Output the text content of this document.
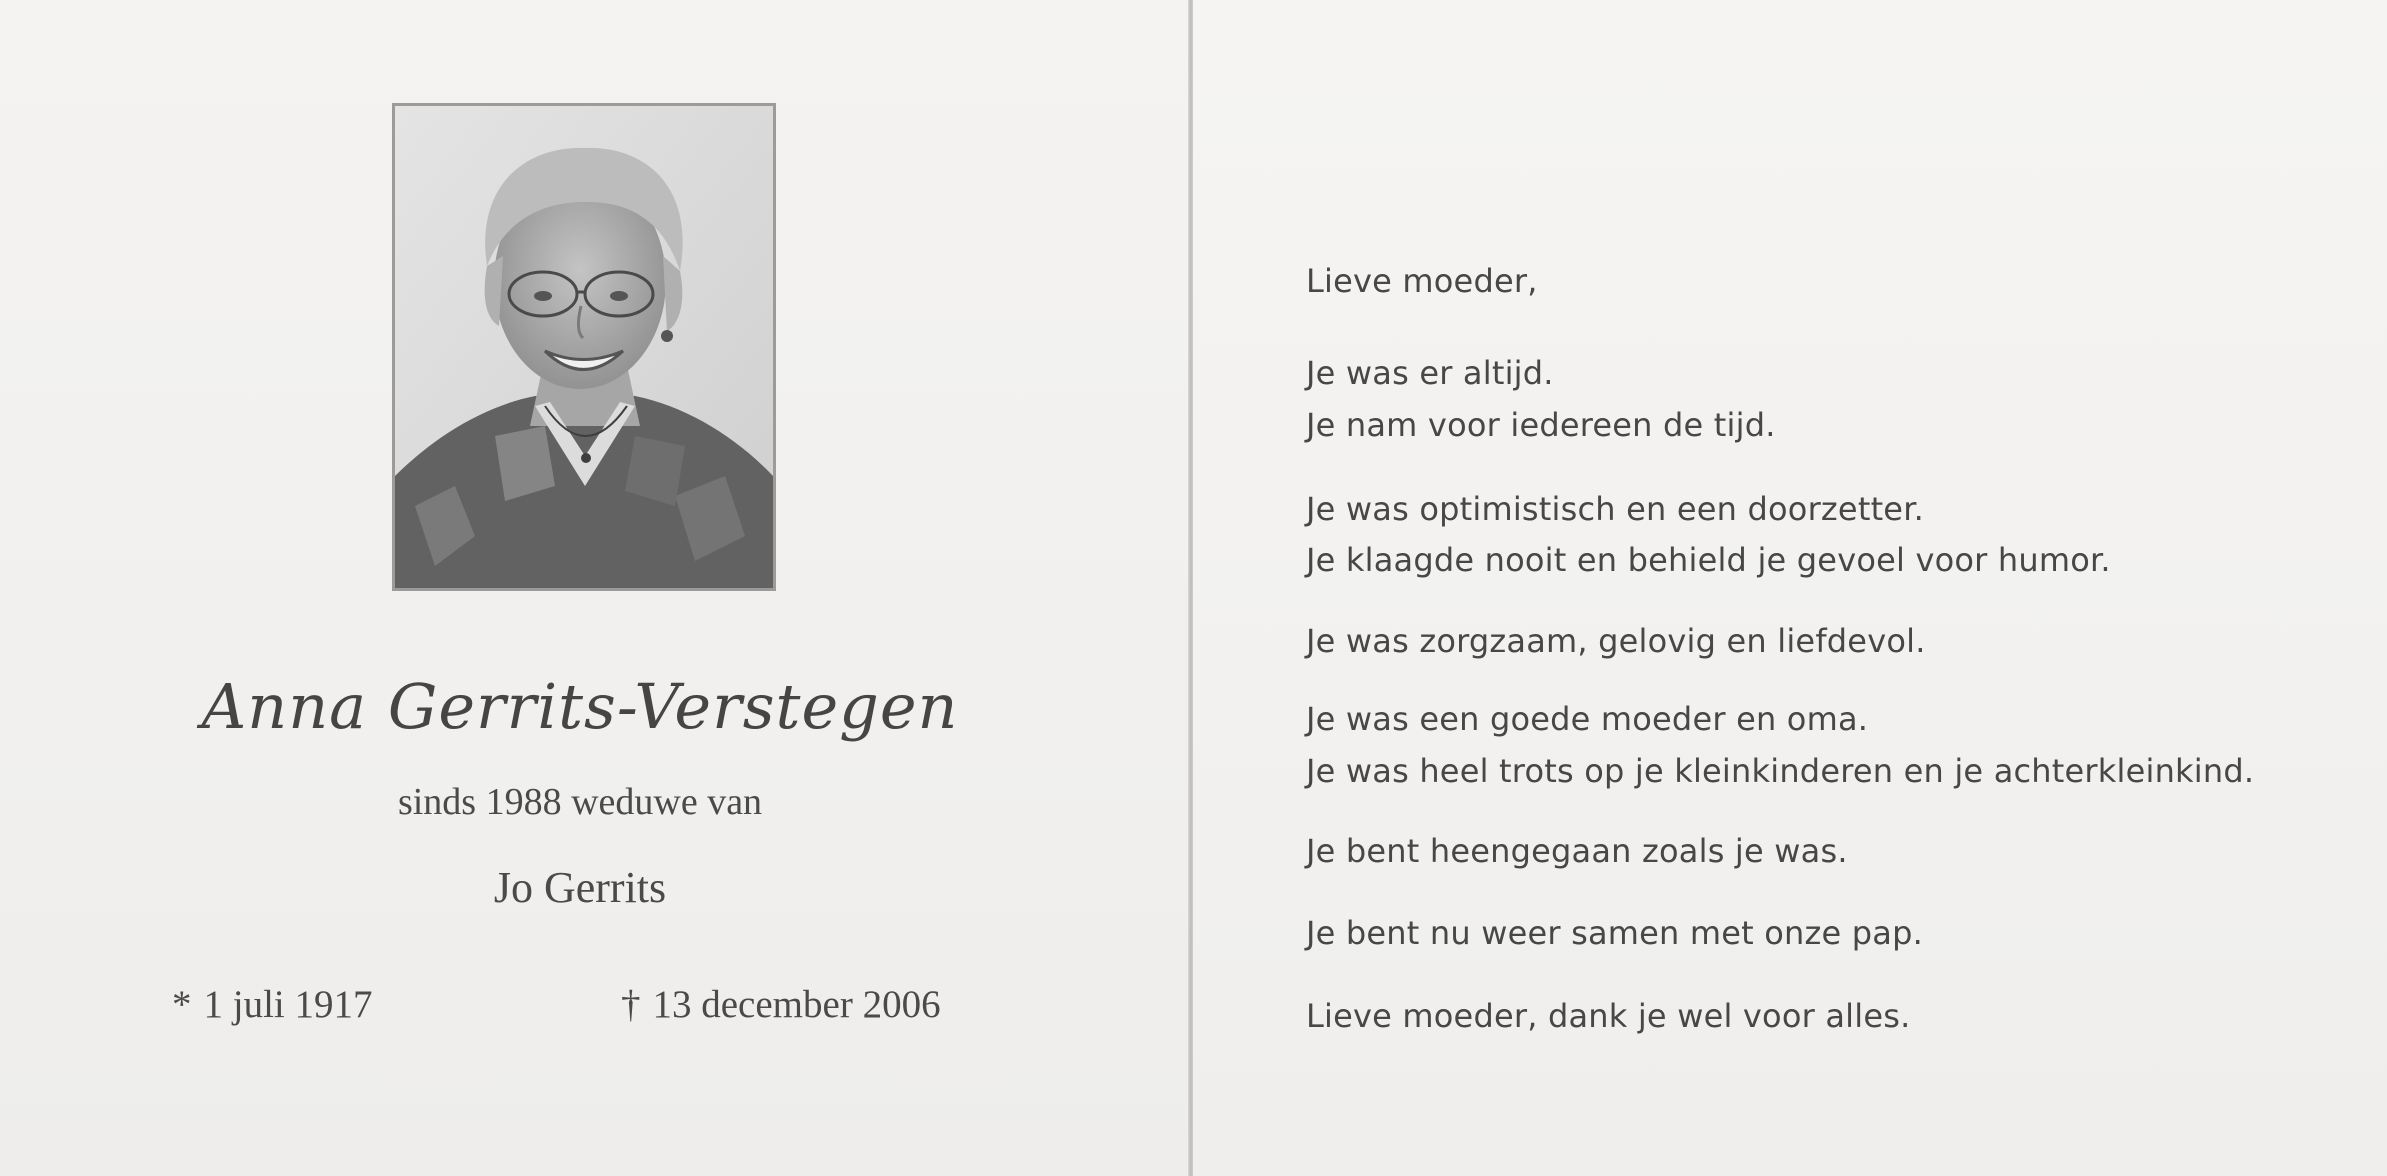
Anna Gerrits-Verstegen
sinds 1988 weduwe van
Jo Gerrits
* 1 juli 1917	† 13 december 2006
Lieve moeder,
Je was er altijd.
Je nam voor iedereen de tijd.
Je was optimistisch en een doorzetter.
Je klaagde nooit en behield je gevoel voor humor.
Je was zorgzaam, gelovig en liefdevol.
Je was een goede moeder en oma.
Je was heel trots op je kleinkinderen en je achterkleinkind.
Je bent heengegaan zoals je was.
Je bent nu weer samen met onze pap.
Lieve moeder, dank je wel voor alles.
